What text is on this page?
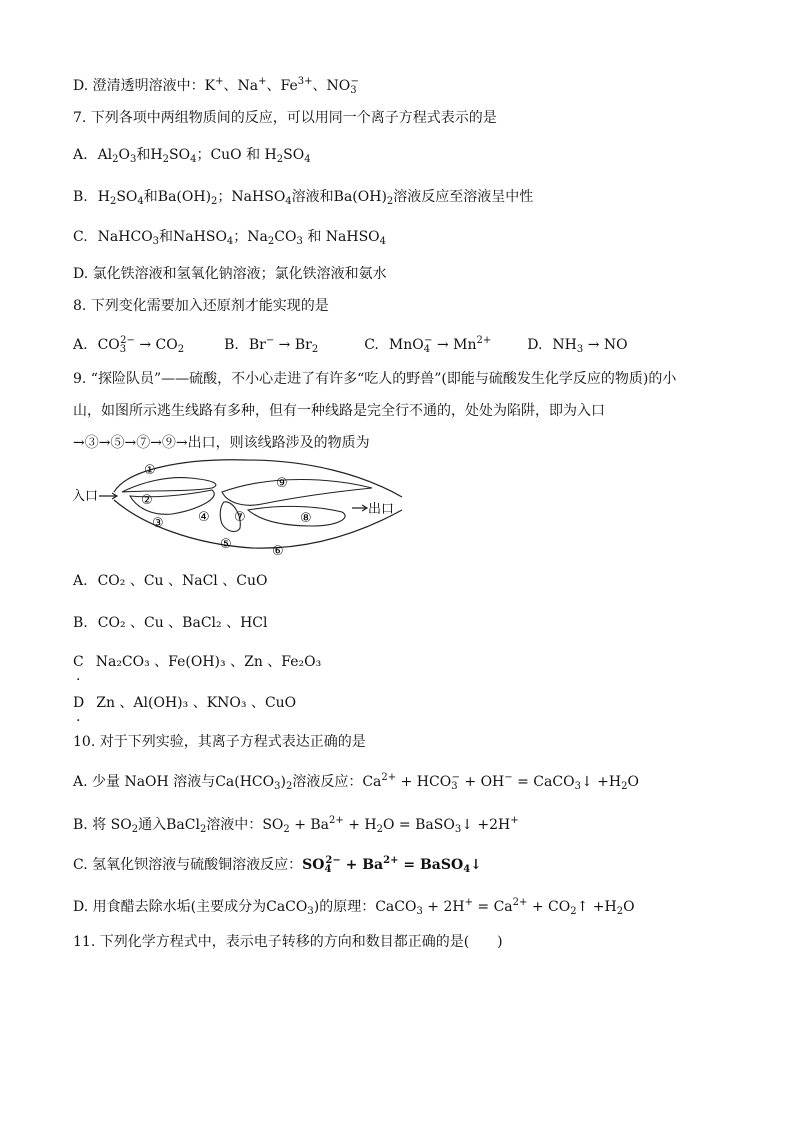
D. 澄清透明溶液中：K+、Na+、$Fe^{3+}$、$NO_3^-$
7. 下列各项中两组物质间的反应，可以用同一个离子方程式表示的是
A. $Al_2O_3$和$H_2SO_4$；CuO 和 $H_2SO_4$
B. $H_2SO_4$和$Ba(OH)_2$；NaHSO$_4$溶液和$Ba(OH)_2$溶液反应至溶液呈中性
C. NaHCO$_3$和NaHSO$_4$；$Na_2CO_3$ 和 NaHSO$_4$
D. 氯化铁溶液和氢氧化钠溶液；氯化铁溶液和氨水
8. 下列变化需要加入还原剂才能实现的是
A. $CO_3^{2-} \to CO_2$	B. $Br^- \to Br_2$	C. $MnO_4^- \to Mn^{2+}$	D. $NH_3$ → NO
9. “探险队员”——硫酸，不小心走进了有许多“吃人的野兽”(即能与硫酸发生化学反应的物质)的小
山，如图所示逃生线路有多种，但有一种线路是完全行不通的，处处为陷阱，即为入口
→③→⑤→⑦→⑨→出口，则该线路涉及的物质为
①
②
③	④
⑤	⑥
⑦	⑧
⑨
入口
出口
A. CO₂ 、Cu 、NaCl 、CuO
B. CO₂ 、Cu 、BaCl₂ 、HCl
C Na₂CO₃ 、Fe(OH)₃ 、Zn 、Fe₂O₃
.
D Zn 、Al(OH)₃ 、KNO₃ 、CuO
.
10. 对于下列实验，其离子方程式表达正确的是
A. 少量 NaOH 溶液与$Ca(HCO_3)_2$溶液反应：$Ca^{2+} + HCO_3^- + OH^-$ = CaCO$_3$↓ $+H_2O$
B. 将 $SO_2$通入BaCl$_2$溶液中：$SO_2 + Ba^{2+} + H_2O$ = BaSO$_3$↓ +2H+
C. 氢氧化钡溶液与硫酸铜溶液反应：$SO_4^{2-} + Ba^{2+}$ = BaSO$_4$↓
D. 用食醋去除水垢(主要成分为CaCO$_3$)的原理：CaCO$_3$ + $2H^+ = Ca^{2+}$ + $CO_2↑ +H_2O$
11. 下列化学方程式中，表示电子转移的方向和数目都正确的是(　　)
